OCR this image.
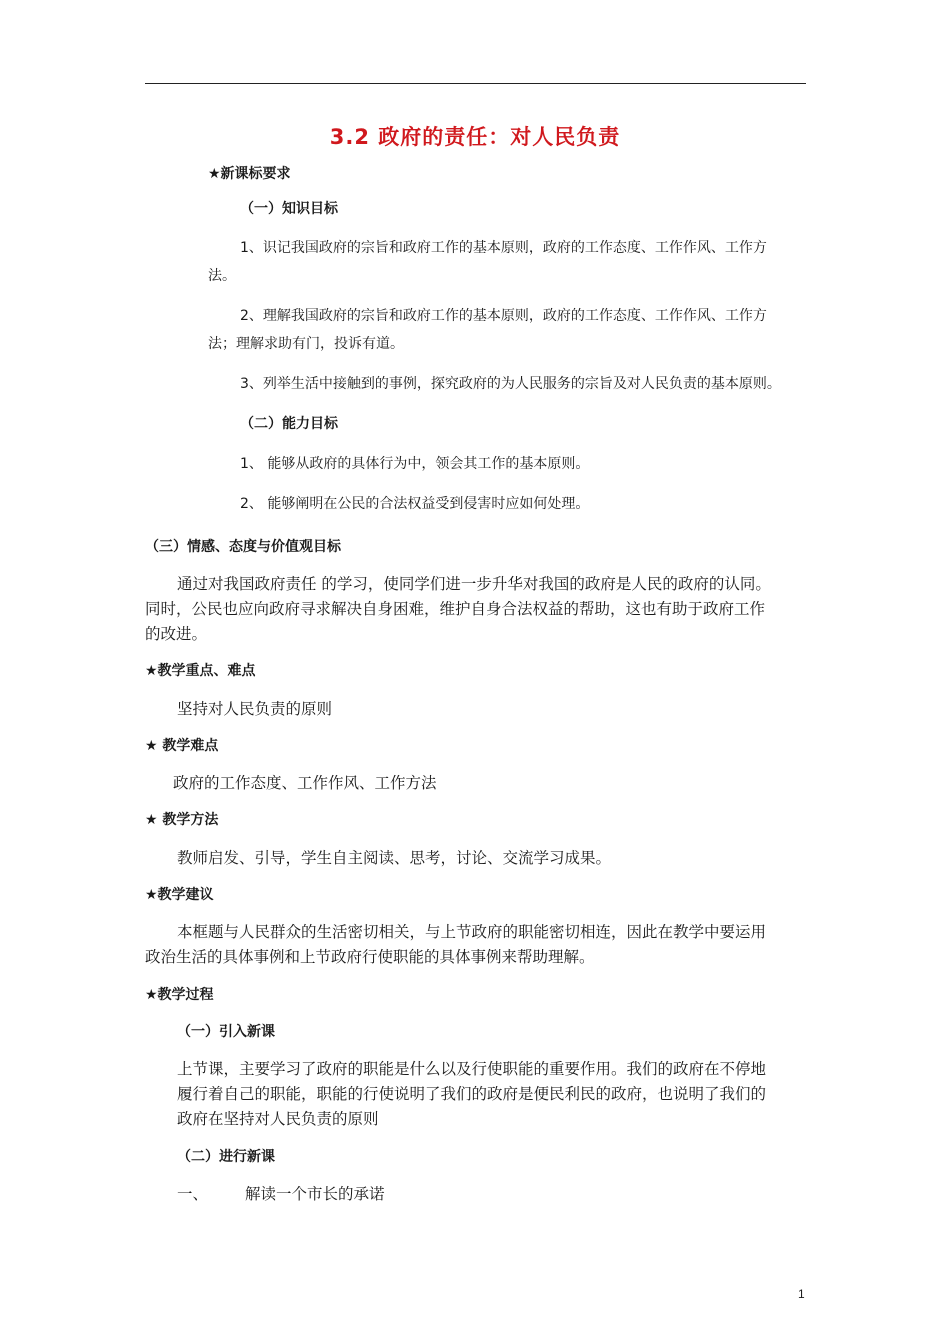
3.2 政府的责任：对人民负责
★新课标要求
（一）知识目标
1、识记我国政府的宗旨和政府工作的基本原则，政府的工作态度、工作作风、工作方
法。
2、理解我国政府的宗旨和政府工作的基本原则，政府的工作态度、工作作风、工作方
法；理解求助有门，投诉有道。
3、列举生活中接触到的事例，探究政府的为人民服务的宗旨及对人民负责的基本原则。
（二）能力目标
1、 能够从政府的具体行为中，领会其工作的基本原则。
2、 能够阐明在公民的合法权益受到侵害时应如何处理。
（三）情感、态度与价值观目标
通过对我国政府责任 的学习，使同学们进一步升华对我国的政府是人民的政府的认同。
同时，公民也应向政府寻求解决自身困难，维护自身合法权益的帮助，这也有助于政府工作
的改进。
★教学重点、难点
坚持对人民负责的原则
★ 教学难点
政府的工作态度、工作作风、工作方法
★ 教学方法
教师启发、引导，学生自主阅读、思考，讨论、交流学习成果。
★教学建议
本框题与人民群众的生活密切相关，与上节政府的职能密切相连，因此在教学中要运用
政治生活的具体事例和上节政府行使职能的具体事例来帮助理解。
★教学过程
（一）引入新课
上节课，主要学习了政府的职能是什么以及行使职能的重要作用。我们的政府在不停地
履行着自己的职能，职能的行使说明了我们的政府是便民利民的政府，也说明了我们的
政府在坚持对人民负责的原则
（二）进行新课
一、 解读一个市长的承诺
1
